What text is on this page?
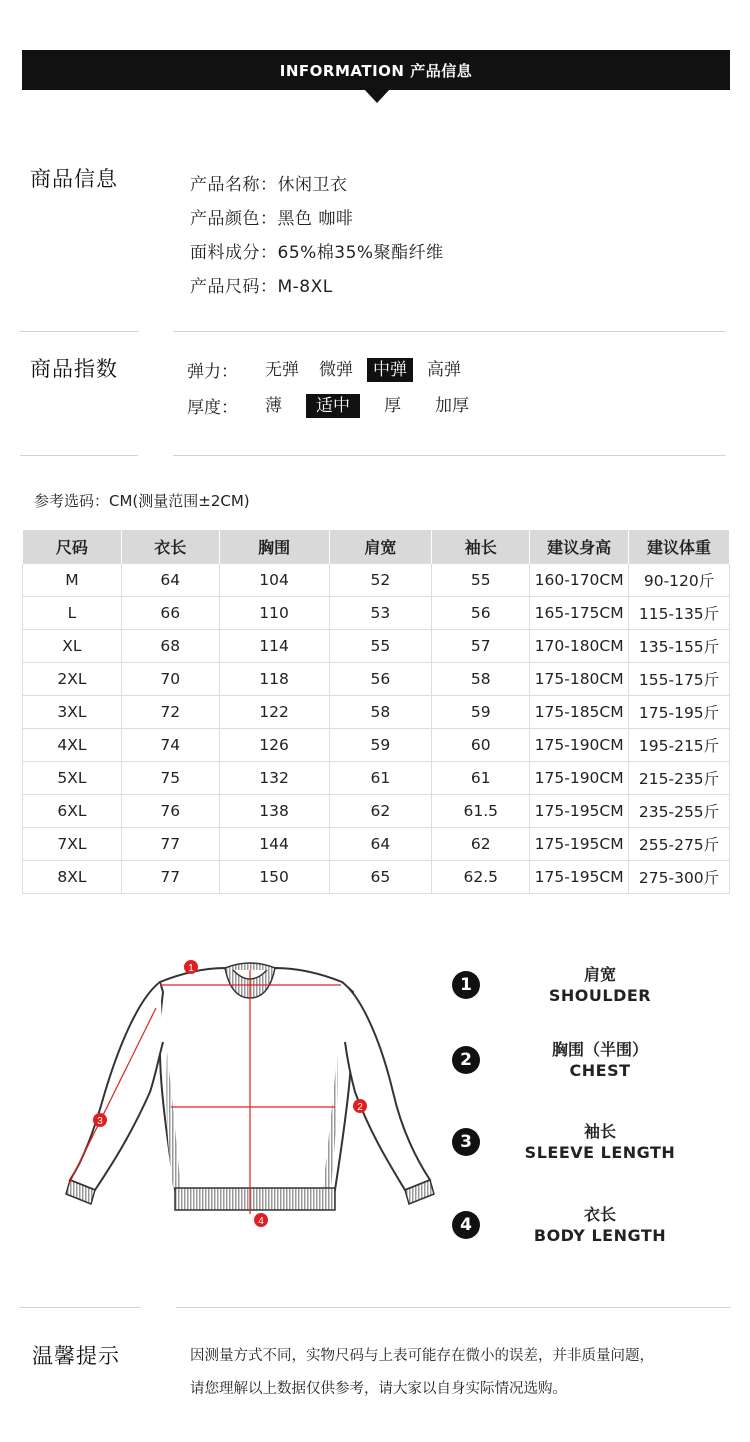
INFORMATION 产品信息
商品信息	产品名称：休闲卫衣
产品颜色：黑色 咖啡
面料成分：65%棉35%聚酯纤维
产品尺码：M-8XL
商品指数	弹力：	无弹	微弹	中弹	高弹
厚度：	薄	适中	厚	加厚
参考选码：CM(测量范围±2CM)
尺码	衣长	胸围	肩宽	袖长	建议身高	建议体重
M	64	104	52	55	160-170CM	90-120斤
L	66	110	53	56	165-175CM	115-135斤
XL	68	114	55	57	170-180CM	135-155斤
2XL	70	118	56	58	175-180CM	155-175斤
3XL	72	122	58	59	175-185CM	175-195斤
4XL	74	126	59	60	175-190CM	195-215斤
5XL	75	132	61	61	175-190CM	215-235斤
6XL	76	138	62	61.5	175-195CM	235-255斤
7XL	77	144	64	62	175-195CM	255-275斤
8XL	77	150	65	62.5	175-195CM	275-300斤
1
2
3
4
1
肩宽
SHOULDER
2
胸围（半围）
CHEST
3
袖长
SLEEVE LENGTH
4
衣长
BODY LENGTH
温馨提示	因测量方式不同，实物尺码与上表可能存在微小的误差，并非质量问题，
请您理解以上数据仅供参考，请大家以自身实际情况选购。
